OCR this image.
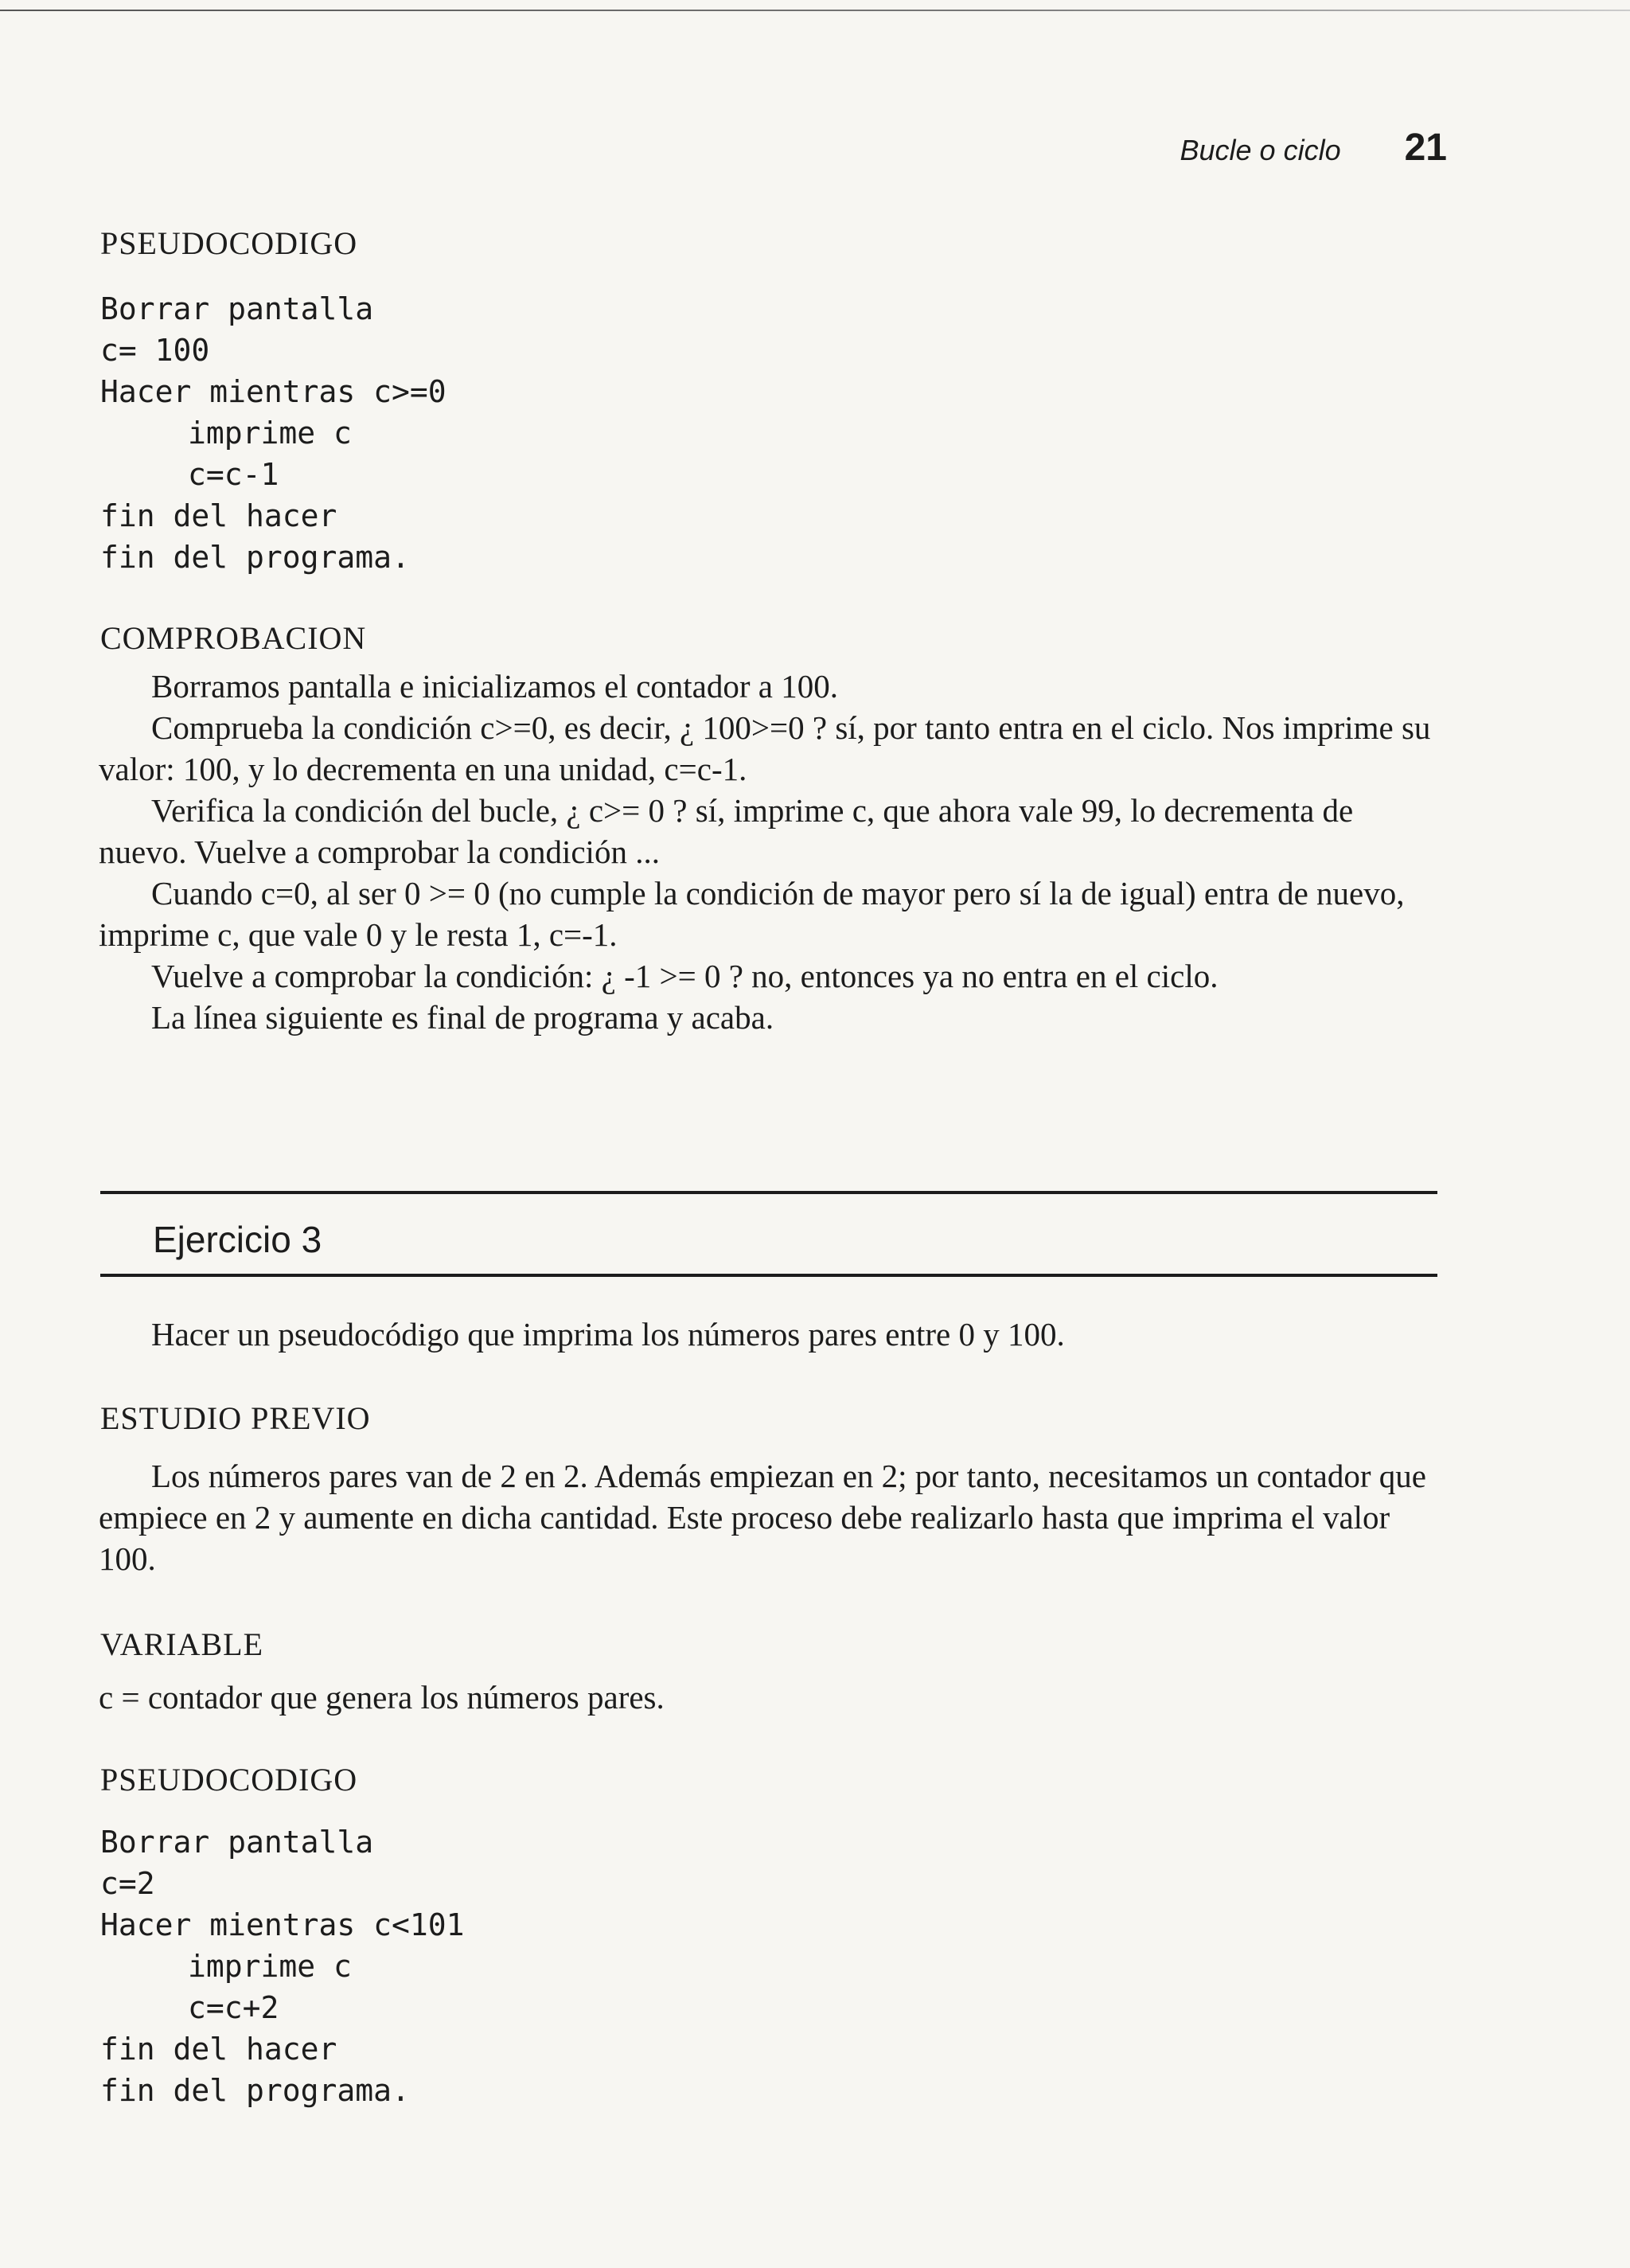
Bucle o ciclo 21
PSEUDOCODIGO
Borrar pantalla
c= 100
Hacer mientras c>=0
imprime c
c=c-1
fin del hacer
fin del programa.
COMPROBACION

Borramos pantalla e inicializamos el contador a 100.

Comprueba la condición c>=0, es decir, ¿ 100>=0 ? sí, por tanto entra en el ciclo. Nos imprime su valor: 100, y lo decrementa en una unidad, c=c-1.

Verifica la condición del bucle, ¿ c>= 0 ? sí, imprime c, que ahora vale 99, lo decrementa de nuevo. Vuelve a comprobar la condición ...

Cuando c=0, al ser 0 >= 0 (no cumple la condición de mayor pero sí la de igual) entra de nuevo, imprime c, que vale 0 y le resta 1, c=-1.

Vuelve a comprobar la condición: ¿ -1 >= 0 ? no, entonces ya no entra en el ciclo.

La línea siguiente es final de programa y acaba.

Ejercicio 3

Hacer un pseudocódigo que imprima los números pares entre 0 y 100.

ESTUDIO PREVIO

Los números pares van de 2 en 2. Además empiezan en 2; por tanto, necesitamos un contador que empiece en 2 y aumente en dicha cantidad. Este proceso debe realizarlo hasta que imprima el valor 100.

VARIABLE

c = contador que genera los números pares.

PSEUDOCODIGO
Borrar pantalla
c=2
Hacer mientras c<101
imprime c
c=c+2
fin del hacer
fin del programa.
